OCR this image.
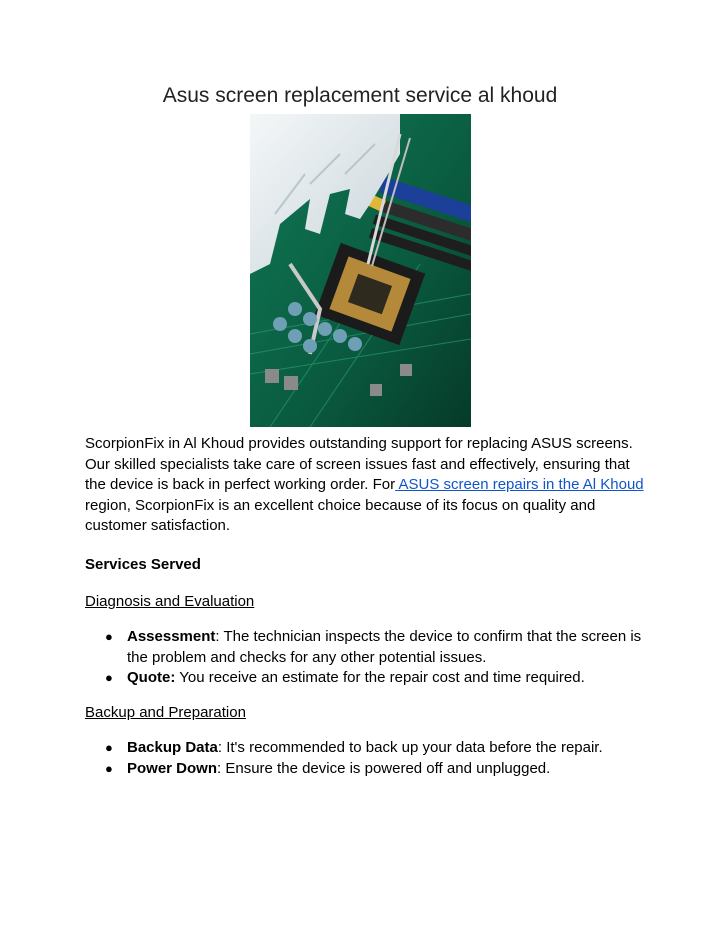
Asus screen replacement service al khoud
ScorpionFix in Al Khoud provides outstanding support for replacing ASUS screens. Our skilled specialists take care of screen issues fast and effectively, ensuring that the device is back in perfect working order. For ASUS screen repairs in the Al Khoud region, ScorpionFix is an excellent choice because of its focus on quality and customer satisfaction.
Services Served
Diagnosis and Evaluation
● Assessment: The technician inspects the device to confirm that the screen is the problem and checks for any other potential issues.
● Quote: You receive an estimate for the repair cost and time required.
Backup and Preparation
● Backup Data: It's recommended to back up your data before the repair.
● Power Down: Ensure the device is powered off and unplugged.
